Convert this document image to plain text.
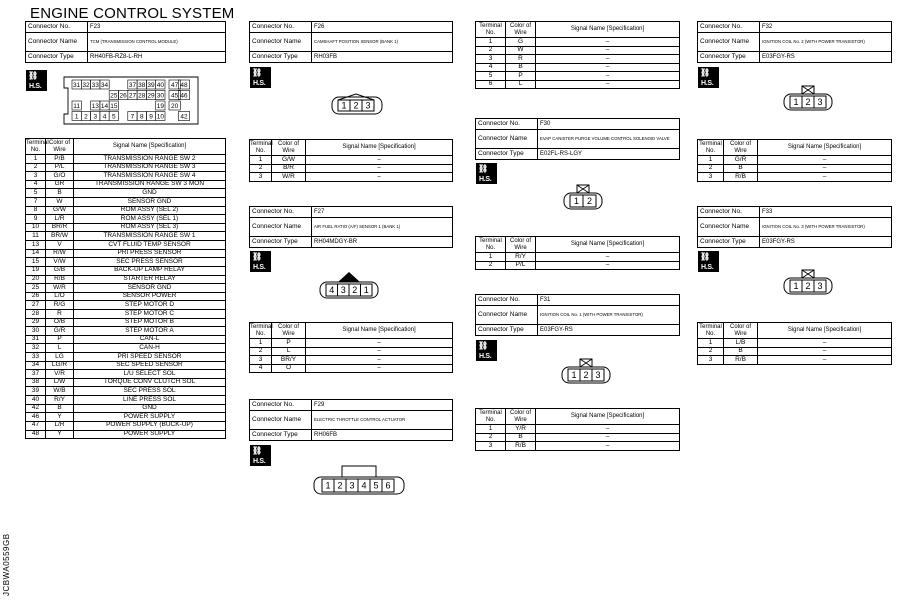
ENGINE CONTROL SYSTEM
JCBWA0559GB
Connector No.	F23
Connector Name	TCM (TRANSMISSION CONTROL MODULE)
Connector Type	RH40FB-RZ8-L-RH
⛓
H.S.	31 32 33 34	37 38 39 40 47 48
25 26 27 28 29 30 45 46
11 13 14 15	19 20
1 2 3 4 5 7 8 9 10	42
Terminal No.	Color of Wire	Signal Name [Specification]
1	P/B	TRANSMISSION RANGE SW 2
2	P/L	TRANSMISSION RANGE SW 3
3	G/O	TRANSMISSION RANGE SW 4
4	GR	TRANSMISSION RANGE SW 3 MON
5	B	GND
7	W	SENSOR GND
8	G/W	ROM ASSY (SEL 2)
9	L/R	ROM ASSY (SEL 1)
10	BR/R	ROM ASSY (SEL 3)
11	BR/W	TRANSMISSION RANGE SW 1
13	V	CVT FLUID TEMP SENSOR
14	R/W	PRI PRESS SENSOR
15	V/W	SEC PRESS SENSOR
19	G/B	BACK-UP LAMP RELAY
20	R/B	STARTER RELAY
25	W/R	SENSOR GND
26	L/O	SENSOR POWER
27	R/G	STEP MOTOR D
28	R	STEP MOTOR C
29	O/B	STEP MOTOR B
30	G/R	STEP MOTOR A
31	P	CAN-L
32	L	CAN-H
33	LG	PRI SPEED SENSOR
34	LG/R	SEC SPEED SENSOR
37	V/R	L/U SELECT SOL
38	L/W	TORQUE CONV CLUTCH SOL
39	W/B	SEC PRESS SOL
40	R/Y	LINE PRESS SOL
42	B	GND
46	Y	POWER SUPPLY
47	L/R	POWER SUPPLY (BUCK-UP)
48	Y	POWER SUPPLY
Connector No.	F26
Connector Name	CAMSHAFT POSITION SENSOR (BANK 1)
Connector Type	RH03FB
⛓
H.S.
1 2 3
Terminal No.	Color of Wire	Signal Name [Specification]
1	G/W	–
2	B/R	–
3	W/R	–
Connector No.	F27
Connector Name	AIR FUEL RATIO (A/F) SENSOR 1 (BANK 1)
Connector Type	RH04MDGY-BR
⛓
H.S.
4 3 2 1
Terminal No.	Color of Wire	Signal Name [Specification]
1	P	–
2	L	–
3	BR/Y	–
4	O	–
Connector No.	F29
Connector Name	ELECTRIC THROTTLE CONTROL ACTUATOR
Connector Type	RH06FB
⛓
H.S.
1 2 3 4 5 6
Terminal No.	Color of Wire	Signal Name [Specification]
1	G	–
2	W	–
3	R	–
4	B	–
5	P	–
6	L	–
Connector No.	F30
Connector Name	EVAP CANISTER PURGE VOLUME CONTROL SOLENOID VALVE
Connector Type	E02FL-RS-LGY
⛓
H.S.
1 2
Terminal No.	Color of Wire	Signal Name [Specification]
1	R/Y	–
2	P/L	–
Connector No.	F31
Connector Name	IGNITION COIL No. 1 (WITH POWER TRANSISTOR)
Connector Type	E03FGY-RS
⛓
H.S.
1 2 3
Terminal No.	Color of Wire	Signal Name [Specification]
1	Y/R	–
2	B	–
3	R/B	–
Connector No.	F32
Connector Name	IGNITION COIL No. 2 (WITH POWER TRANSISTOR)
Connector Type	E03FGY-RS
⛓
H.S.
1 2 3
Terminal No.	Color of Wire	Signal Name [Specification]
1	G/R	–
2	B	–
3	R/B	–
Connector No.	F33
Connector Name	IGNITION COIL No. 3 (WITH POWER TRANSISTOR)
Connector Type	E03FGY-RS
⛓
H.S.
1 2 3
Terminal No.	Color of Wire	Signal Name [Specification]
1	L/B	–
2	B	–
3	R/B	–
